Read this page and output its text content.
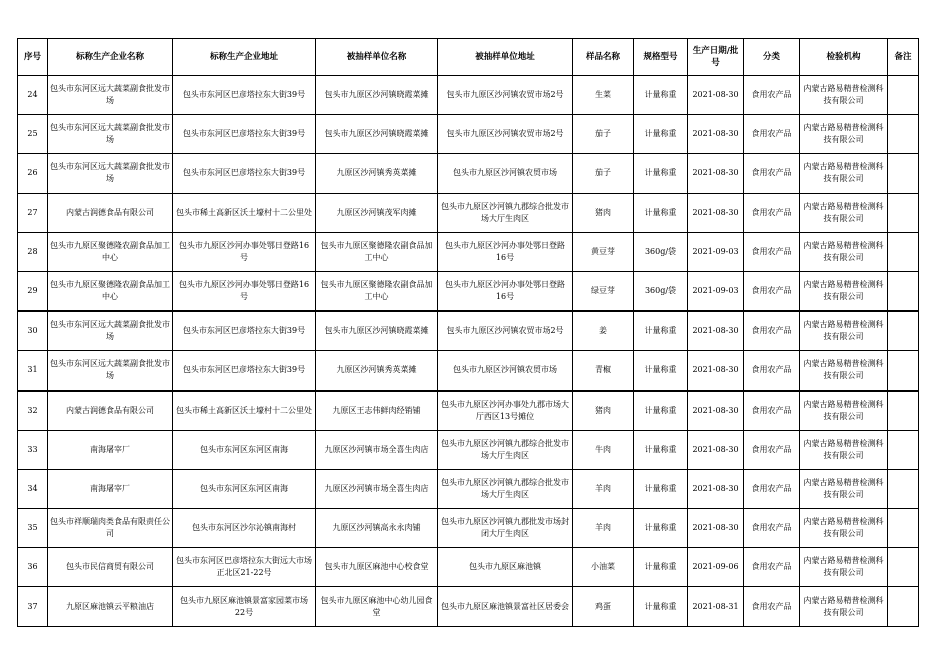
序号	标称生产企业名称	标称生产企业地址	被抽样单位名称	被抽样单位地址	样品名称	规格型号	生产日期/批号	分类	检验机构	备注
24	包头市东河区远大蔬菜副食批发市场	包头市东河区巴彦塔拉东大街39号	包头市九原区沙河镇晓霞菜摊	包头市九原区沙河镇农贸市场2号	生菜	计量称重	2021-08-30	食用农产品	内蒙古路易精普检测科技有限公司	
25	包头市东河区远大蔬菜副食批发市场	包头市东河区巴彦塔拉东大街39号	包头市九原区沙河镇晓霞菜摊	包头市九原区沙河镇农贸市场2号	茄子	计量称重	2021-08-30	食用农产品	内蒙古路易精普检测科技有限公司	
26	包头市东河区远大蔬菜副食批发市场	包头市东河区巴彦塔拉东大街39号	九原区沙河镇秀英菜摊	包头市九原区沙河镇农贸市场	茄子	计量称重	2021-08-30	食用农产品	内蒙古路易精普检测科技有限公司	
27	内蒙古润德食品有限公司	包头市稀土高新区沃土壕村十二公里处	九原区沙河镇茂军肉摊	包头市九原区沙河镇九郡综合批发市场大厅生肉区	猪肉	计量称重	2021-08-30	食用农产品	内蒙古路易精普检测科技有限公司	
28	包头市九原区聚德隆农副食品加工中心	包头市九原区沙河办事处鄂日登路16号	包头市九原区聚德隆农副食品加工中心	包头市九原区沙河办事处鄂日登路16号	黄豆芽	360g/袋	2021-09-03	食用农产品	内蒙古路易精普检测科技有限公司	
29	包头市九原区聚德隆农副食品加工中心	包头市九原区沙河办事处鄂日登路16号	包头市九原区聚德隆农副食品加工中心	包头市九原区沙河办事处鄂日登路16号	绿豆芽	360g/袋	2021-09-03	食用农产品	内蒙古路易精普检测科技有限公司	
30	包头市东河区远大蔬菜副食批发市场	包头市东河区巴彦塔拉东大街39号	包头市九原区沙河镇晓霞菜摊	包头市九原区沙河镇农贸市场2号	姜	计量称重	2021-08-30	食用农产品	内蒙古路易精普检测科技有限公司	
31	包头市东河区远大蔬菜副食批发市场	包头市东河区巴彦塔拉东大街39号	九原区沙河镇秀英菜摊	包头市九原区沙河镇农贸市场	青椒	计量称重	2021-08-30	食用农产品	内蒙古路易精普检测科技有限公司	
32	内蒙古润德食品有限公司	包头市稀土高新区沃土壕村十二公里处	九原区王志伟鲜肉经销铺	包头市九原区沙河办事处九郡市场大厅西区13号摊位	猪肉	计量称重	2021-08-30	食用农产品	内蒙古路易精普检测科技有限公司	
33	南海屠宰厂	包头市东河区东河区南海	九原区沙河镇市场全喜生肉店	包头市九原区沙河镇九郡综合批发市场大厅生肉区	牛肉	计量称重	2021-08-30	食用农产品	内蒙古路易精普检测科技有限公司	
34	南海屠宰厂	包头市东河区东河区南海	九原区沙河镇市场全喜生肉店	包头市九原区沙河镇九郡综合批发市场大厅生肉区	羊肉	计量称重	2021-08-30	食用农产品	内蒙古路易精普检测科技有限公司	
35	包头市祥顺瑞肉类食品有限责任公司	包头市东河区沙尔沁镇南海村	九原区沙河镇高永永肉铺	包头市九原区沙河镇九郡批发市场封闭大厅生肉区	羊肉	计量称重	2021-08-30	食用农产品	内蒙古路易精普检测科技有限公司	
36	包头市民信商贸有限公司	包头市东河区巴彦塔拉东大街远大市场正北区21-22号	包头市九原区麻池中心校食堂	包头市九原区麻池镇	小油菜	计量称重	2021-09-06	食用农产品	内蒙古路易精普检测科技有限公司	
37	九原区麻池镇云平粮油店	包头市九原区麻池镇景富家园菜市场22号	包头市九原区麻池中心幼儿园食堂	包头市九原区麻池镇景富社区居委会	鸡蛋	计量称重	2021-08-31	食用农产品	内蒙古路易精普检测科技有限公司	
